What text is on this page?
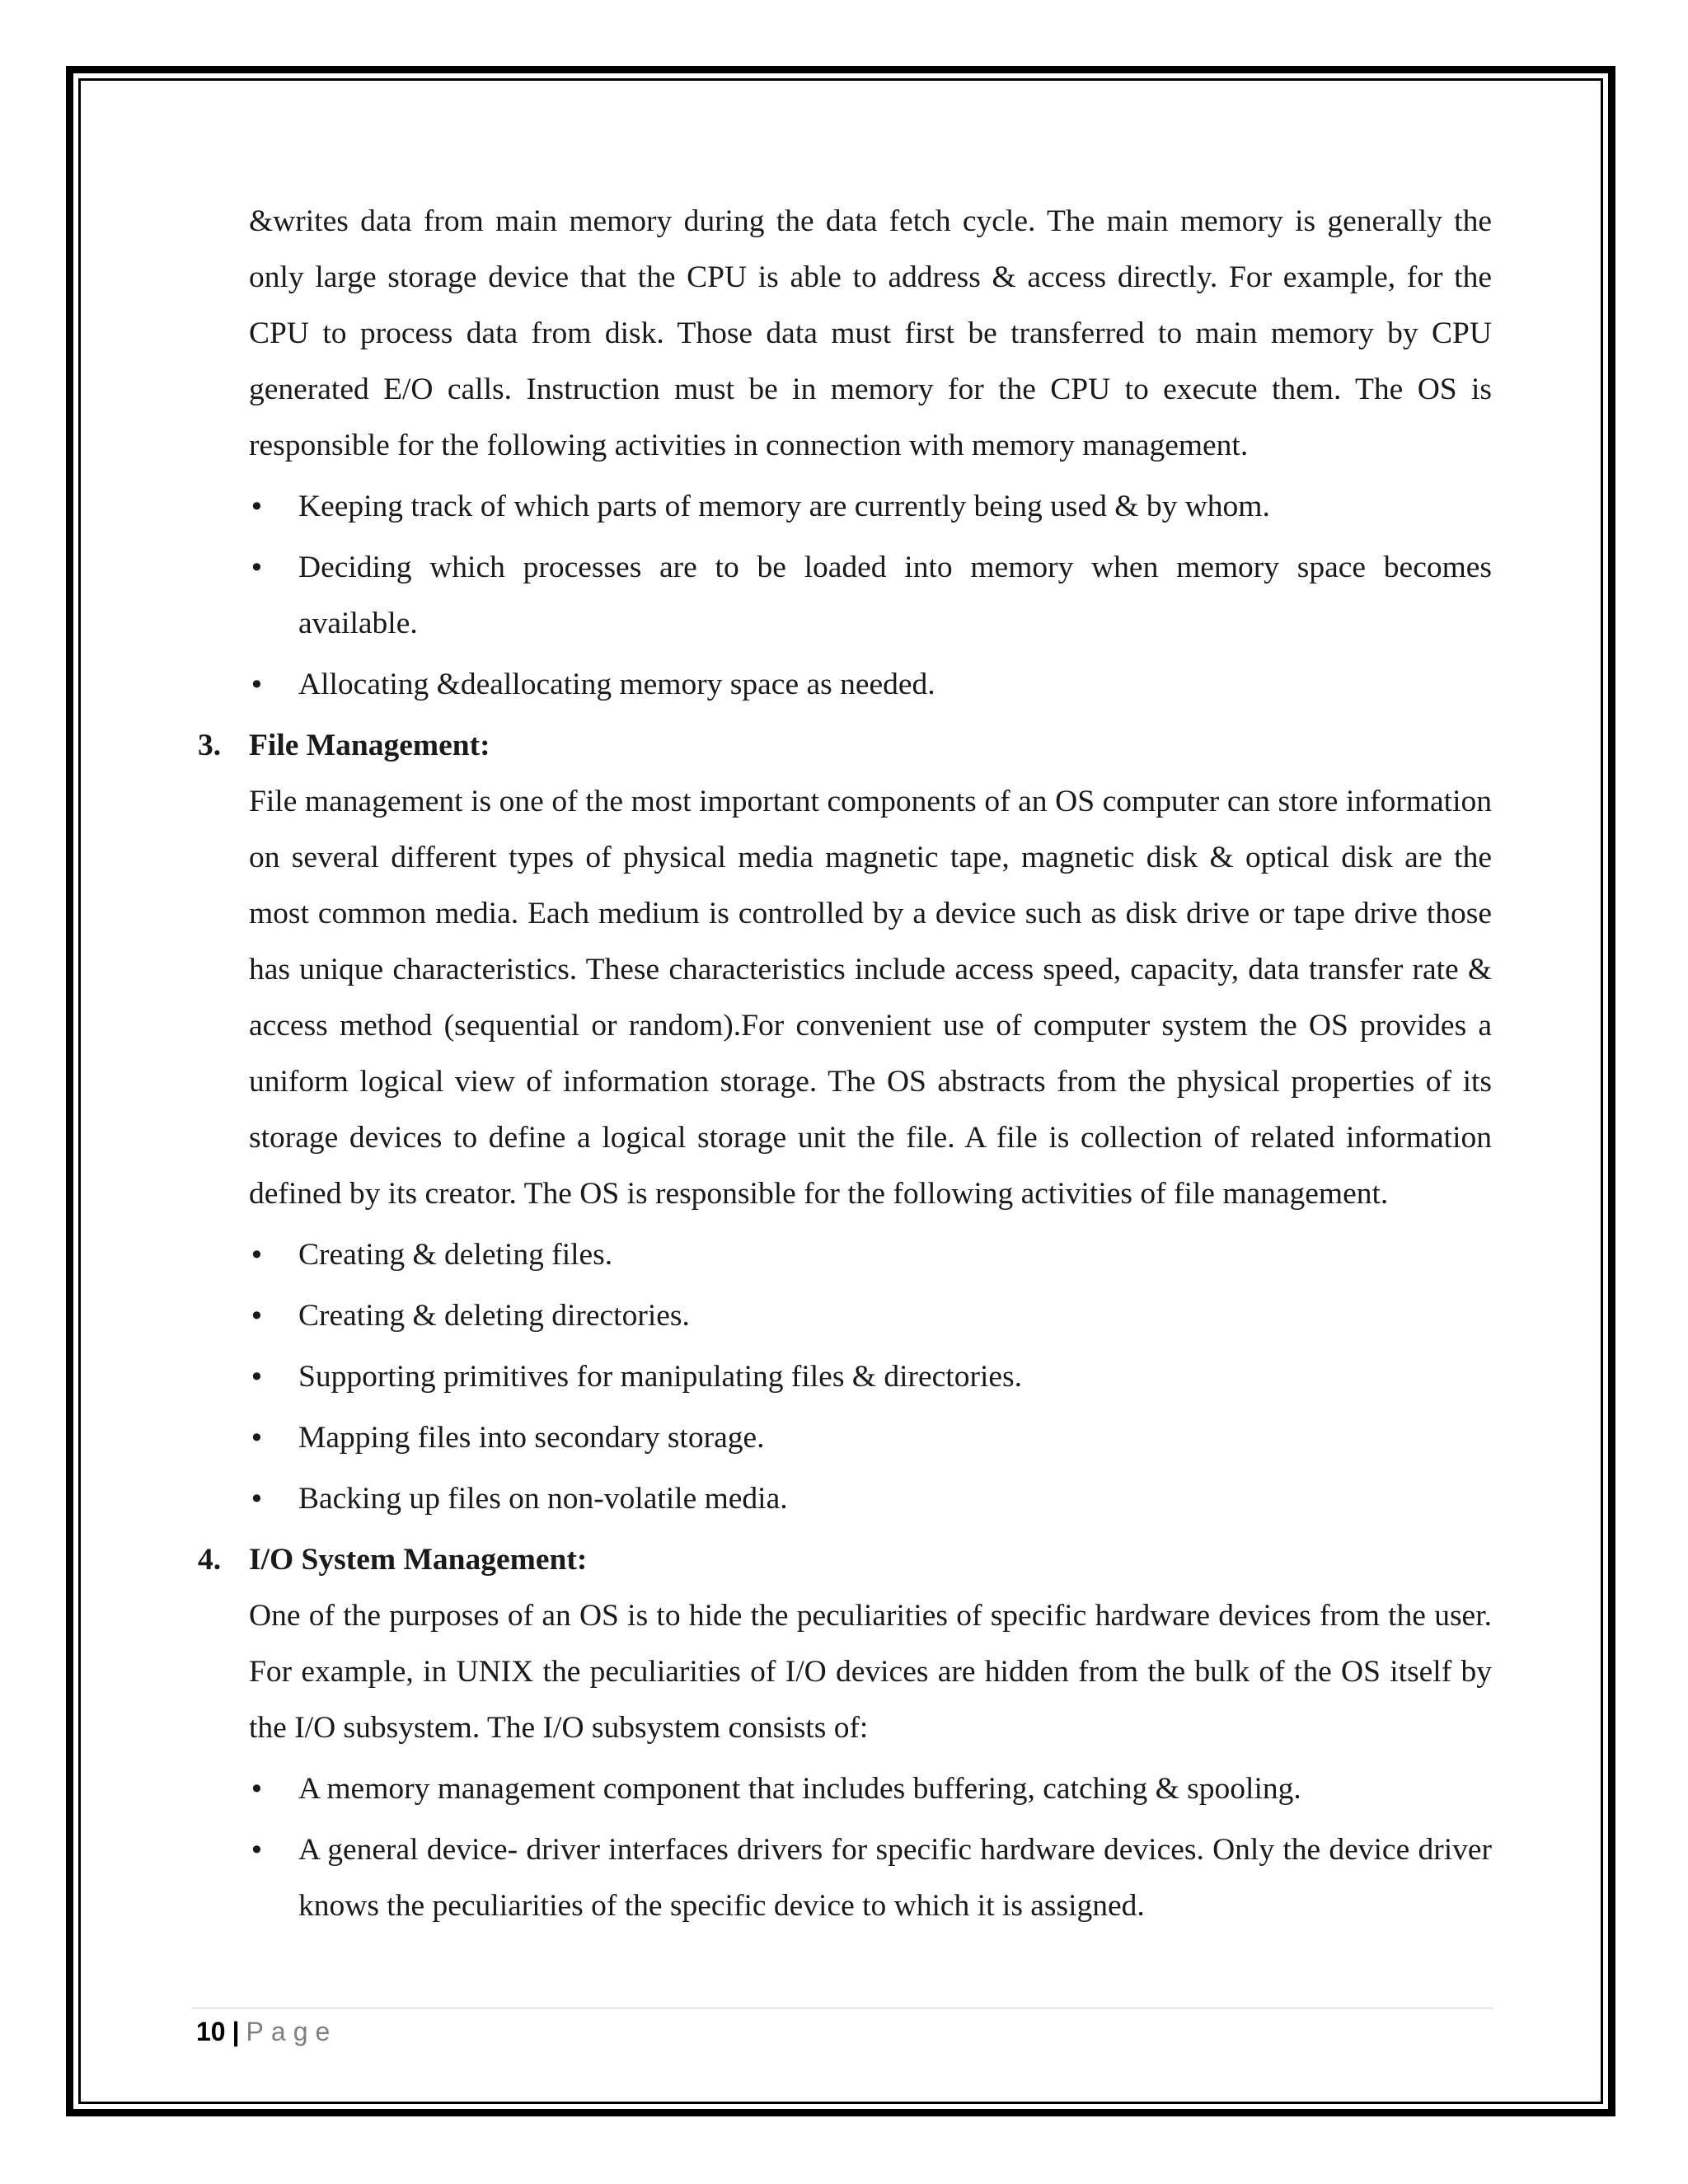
&writes data from main memory during the data fetch cycle. The main memory is generally the only large storage device that the CPU is able to address & access directly. For example, for the CPU to process data from disk. Those data must first be transferred to main memory by CPU generated E/O calls. Instruction must be in memory for the CPU to execute them. The OS is responsible for the following activities in connection with memory management.

• Keeping track of which parts of memory are currently being used & by whom.
• Deciding which processes are to be loaded into memory when memory space becomes available.
• Allocating &deallocating memory space as needed.
3. File Management:

File management is one of the most important components of an OS computer can store information on several different types of physical media magnetic tape, magnetic disk & optical disk are the most common media. Each medium is controlled by a device such as disk drive or tape drive those has unique characteristics. These characteristics include access speed, capacity, data transfer rate & access method (sequential or random).For convenient use of computer system the OS provides a uniform logical view of information storage. The OS abstracts from the physical properties of its storage devices to define a logical storage unit the file. A file is collection of related information defined by its creator. The OS is responsible for the following activities of file management.

• Creating & deleting files.
• Creating & deleting directories.
• Supporting primitives for manipulating files & directories.
• Mapping files into secondary storage.
• Backing up files on non-volatile media.
4. I/O System Management:

One of the purposes of an OS is to hide the peculiarities of specific hardware devices from the user. For example, in UNIX the peculiarities of I/O devices are hidden from the bulk of the OS itself by the I/O subsystem. The I/O subsystem consists of:

• A memory management component that includes buffering, catching & spooling.
• A general device- driver interfaces drivers for specific hardware devices. Only the device driver knows the peculiarities of the specific device to which it is assigned.
10 | Page
